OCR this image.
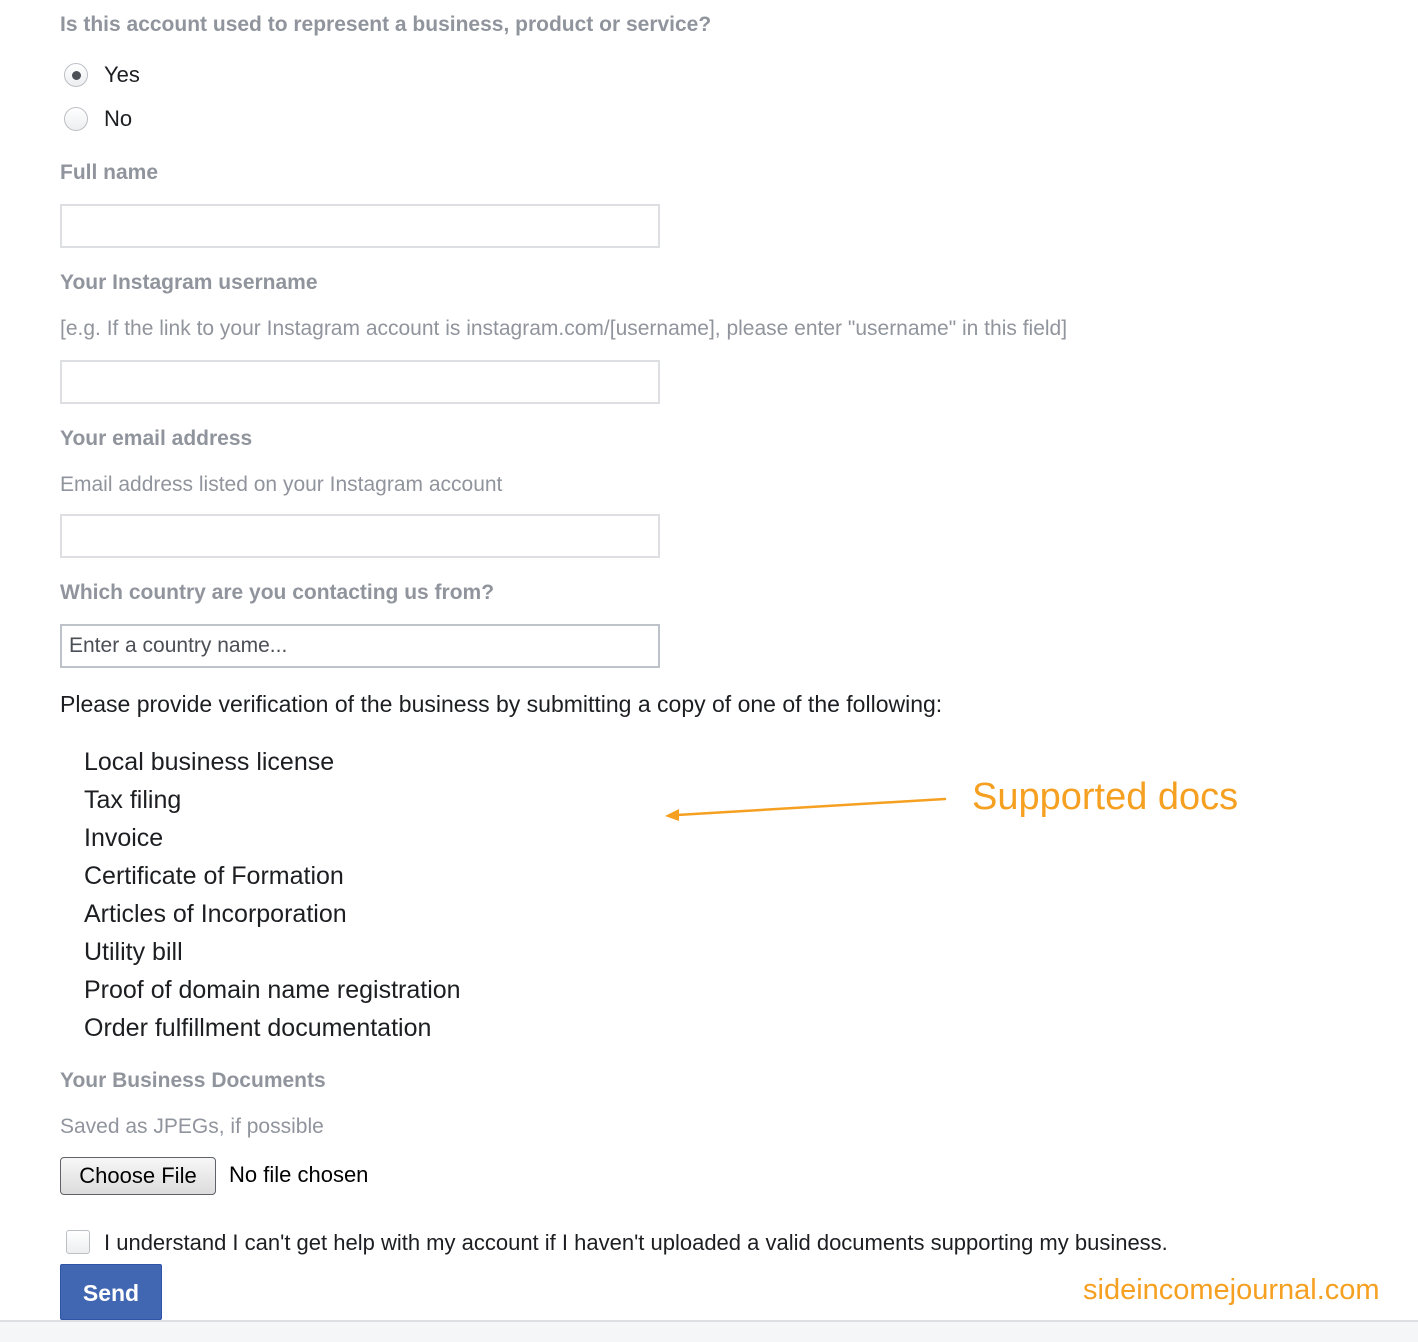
Is this account used to represent a business, product or service?
Yes
No
Full name
Your Instagram username
[e.g. If the link to your Instagram account is instagram.com/[username], please enter "username" in this field]
Your email address
Email address listed on your Instagram account
Which country are you contacting us from?
Enter a country name...
Please provide verification of the business by submitting a copy of one of the following:
Local business license
Tax filing
Invoice
Certificate of Formation
Articles of Incorporation
Utility bill
Proof of domain name registration
Order fulfillment documentation
Supported docs
Your Business Documents
Saved as JPEGs, if possible
Choose File	No file chosen
I understand I can't get help with my account if I haven't uploaded a valid documents supporting my business.
Send	sideincomejournal.com
